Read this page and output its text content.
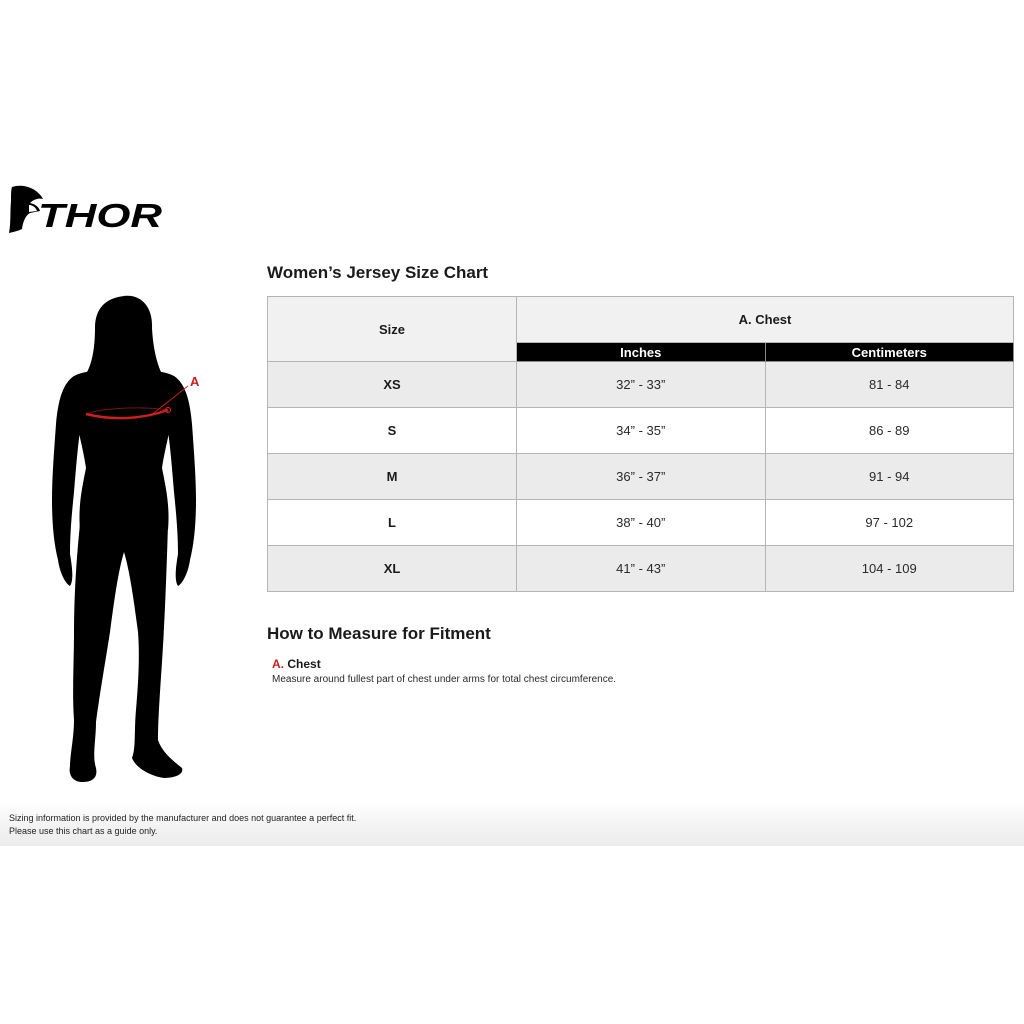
THOR
A
Women’s Jersey Size Chart
Size	A. Chest	
	Inches	Centimeters
XS	32” - 33”	81 - 84
S	34” - 35”	86 - 89
M	36” - 37”	91 - 94
L	38” - 40”	97 - 102
XL	41” - 43”	104 - 109
How to Measure for Fitment

A. Chest

Measure around fullest part of chest under arms for total chest circumference.

Sizing information is provided by the manufacturer and does not guarantee a perfect fit.

Please use this chart as a guide only.
